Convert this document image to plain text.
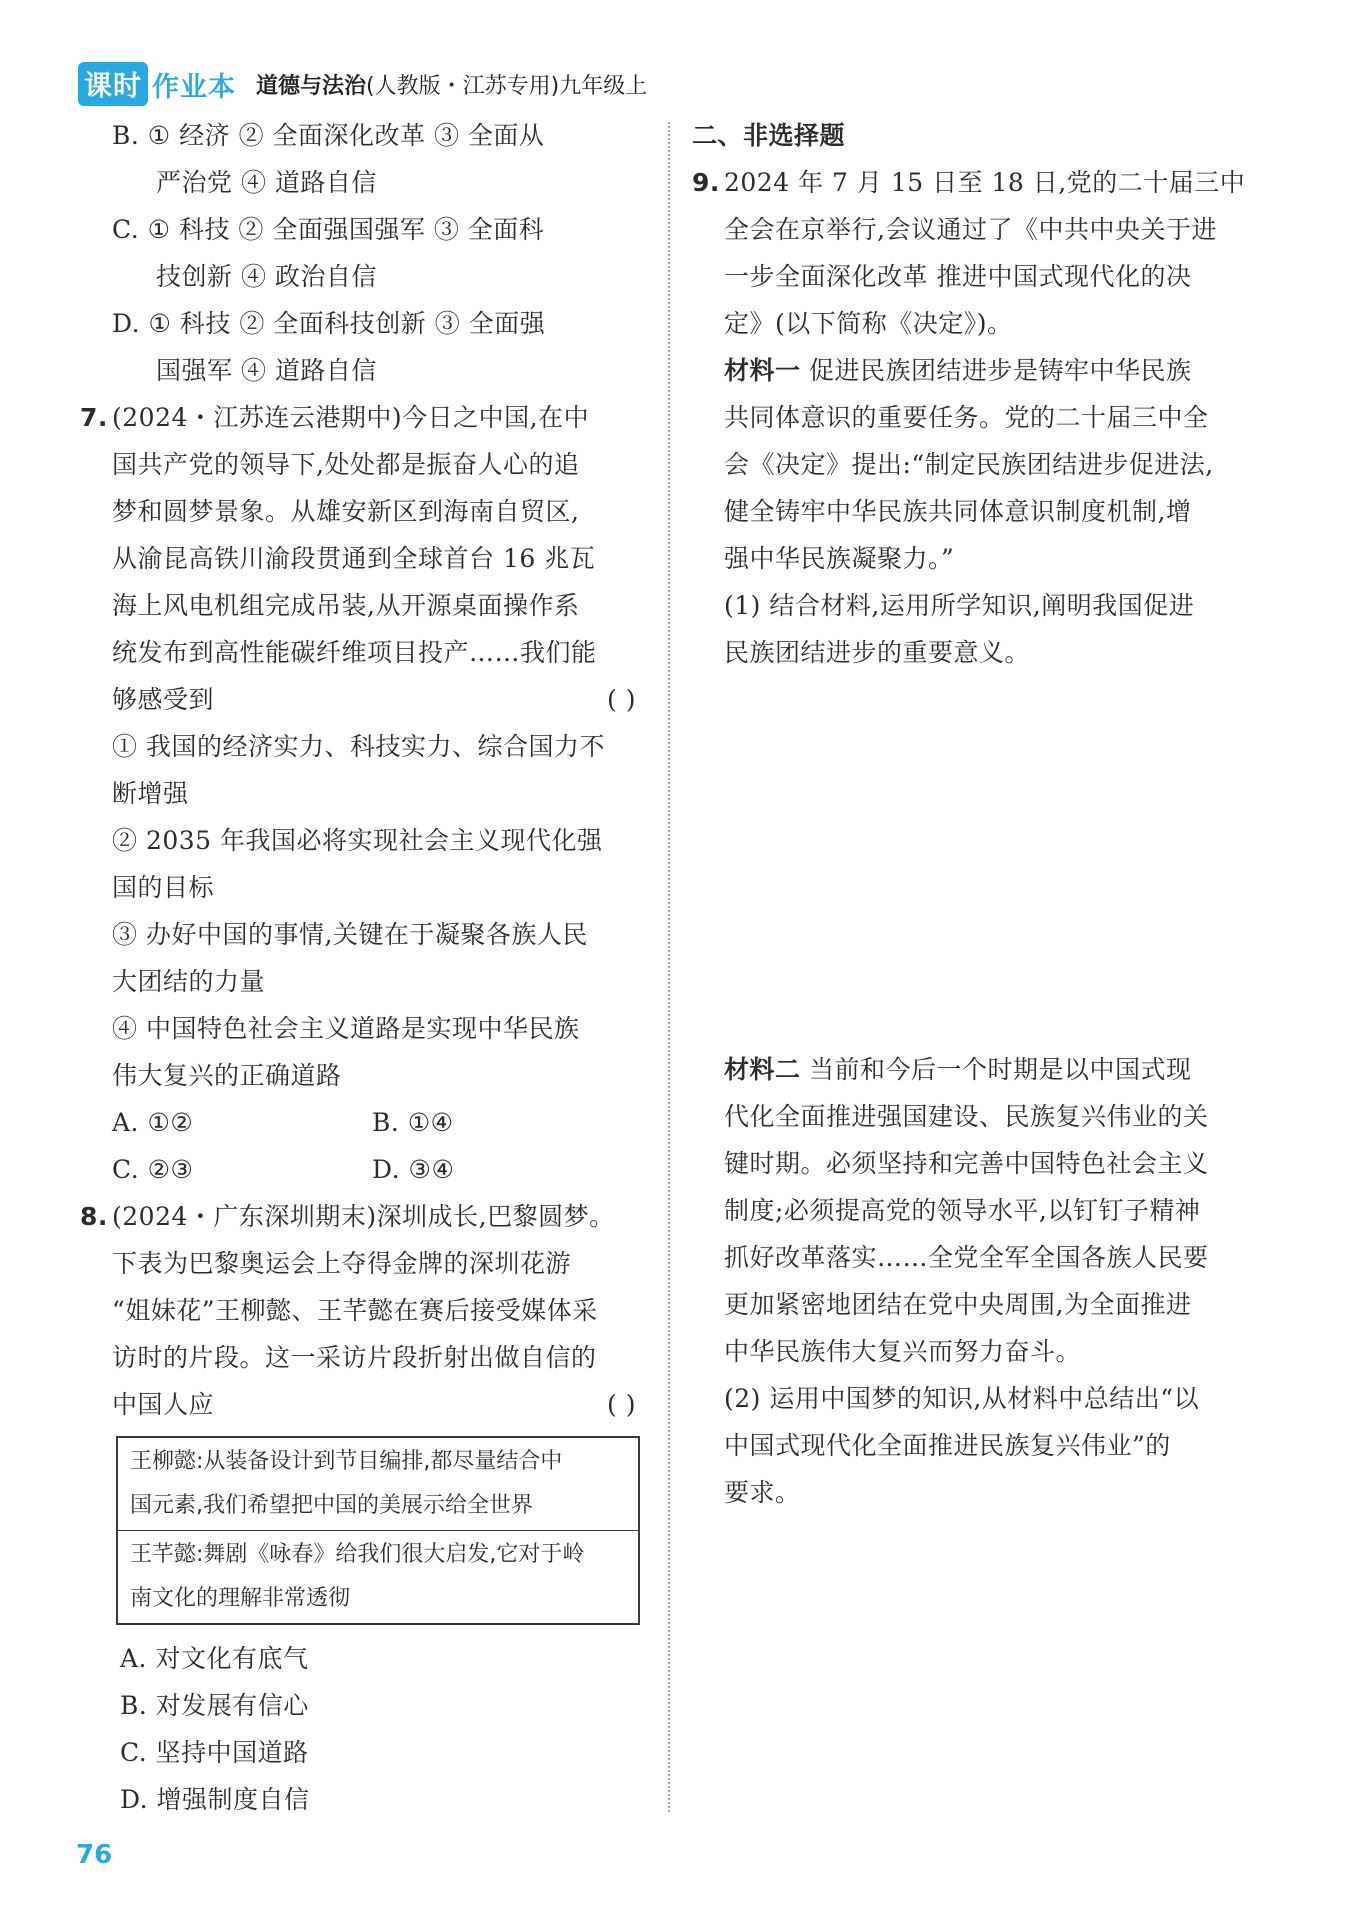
课时 作业本 道德与法治(人教版・江苏专用)九年级上
B. ① 经济 ② 全面深化改革 ③ 全面从
严治党 ④ 道路自信
C. ① 科技 ② 全面强国强军 ③ 全面科
技创新 ④ 政治自信
D. ① 科技 ② 全面科技创新 ③ 全面强
国强军 ④ 道路自信
7. (2024・江苏连云港期中)今日之中国,在中
国共产党的领导下,处处都是振奋人心的追
梦和圆梦景象。从雄安新区到海南自贸区,
从渝昆高铁川渝段贯通到全球首台 16 兆瓦
海上风电机组完成吊装,从开源桌面操作系
统发布到高性能碳纤维项目投产……我们能
够感受到	( )
① 我国的经济实力、科技实力、综合国力不
断增强
② 2035 年我国必将实现社会主义现代化强
国的目标
③ 办好中国的事情,关键在于凝聚各族人民
大团结的力量
④ 中国特色社会主义道路是实现中华民族
伟大复兴的正确道路
A. ①②	B. ①④
C. ②③	D. ③④
8. (2024・广东深圳期末)深圳成长,巴黎圆梦。
下表为巴黎奥运会上夺得金牌的深圳花游
“姐妹花”王柳懿、王芊懿在赛后接受媒体采
访时的片段。这一采访片段折射出做自信的
中国人应	( )
王柳懿:从装备设计到节目编排,都尽量结合中
国元素,我们希望把中国的美展示给全世界
王芊懿:舞剧《咏春》给我们很大启发,它对于岭
南文化的理解非常透彻
A. 对文化有底气
B. 对发展有信心
C. 坚持中国道路
D. 增强制度自信
二、非选择题
9. 2024 年 7 月 15 日至 18 日,党的二十届三中
全会在京举行,会议通过了《中共中央关于进
一步全面深化改革 推进中国式现代化的决
定》(以下简称《决定》)。
材料一 促进民族团结进步是铸牢中华民族
共同体意识的重要任务。党的二十届三中全
会《决定》提出:“制定民族团结进步促进法,
健全铸牢中华民族共同体意识制度机制,增
强中华民族凝聚力。”
(1) 结合材料,运用所学知识,阐明我国促进
民族团结进步的重要意义。
材料二 当前和今后一个时期是以中国式现
代化全面推进强国建设、民族复兴伟业的关
键时期。必须坚持和完善中国特色社会主义
制度;必须提高党的领导水平,以钉钉子精神
抓好改革落实……全党全军全国各族人民要
更加紧密地团结在党中央周围,为全面推进
中华民族伟大复兴而努力奋斗。
(2) 运用中国梦的知识,从材料中总结出“以
中国式现代化全面推进民族复兴伟业”的
要求。
76
